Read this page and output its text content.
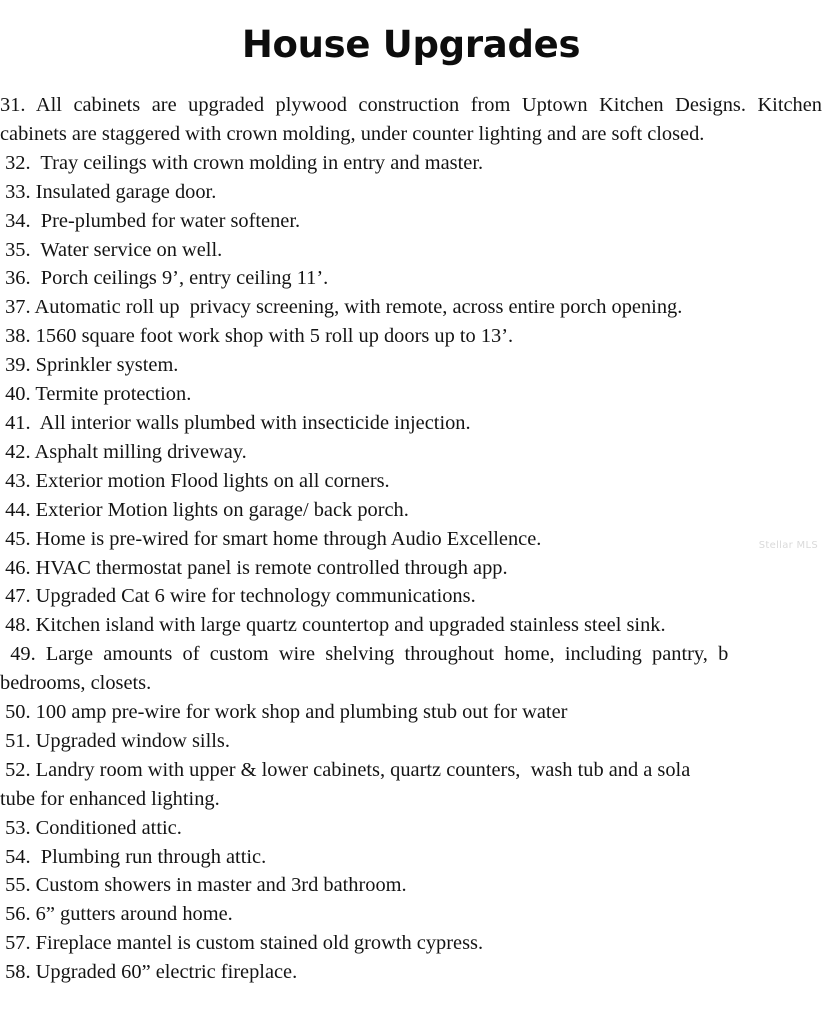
House Upgrades
31. All cabinets are upgraded plywood construction from Uptown Kitchen Designs. Kitchen cabinets are staggered with crown molding, under counter lighting and are soft closed.
32.  Tray ceilings with crown molding in entry and master.
33. Insulated garage door.
34.  Pre-plumbed for water softener.
35.  Water service on well.
36.  Porch ceilings 9’, entry ceiling 11’.
37. Automatic roll up  privacy screening, with remote, across entire porch opening.
38. 1560 square foot work shop with 5 roll up doors up to 13’.
39. Sprinkler system.
40. Termite protection.
41.  All interior walls plumbed with insecticide injection.
42. Asphalt milling driveway.
43. Exterior motion Flood lights on all corners.
44. Exterior Motion lights on garage/ back porch.
45. Home is pre-wired for smart home through Audio Excellence.
46. HVAC thermostat panel is remote controlled through app.
47. Upgraded Cat 6 wire for technology communications.
48. Kitchen island with large quartz countertop and upgraded stainless steel sink.
49.  Large  amounts  of  custom  wire  shelving  throughout  home,  including  pantry,  b
bedrooms, closets.
50. 100 amp pre-wire for work shop and plumbing stub out for water
51. Upgraded window sills.
52. Landry room with upper & lower cabinets, quartz counters,  wash tub and a sola
tube for enhanced lighting.
53. Conditioned attic.
54.  Plumbing run through attic.
55. Custom showers in master and 3rd bathroom.
56. 6” gutters around home.
57. Fireplace mantel is custom stained old growth cypress.
58. Upgraded 60” electric fireplace.
Stellar MLS
